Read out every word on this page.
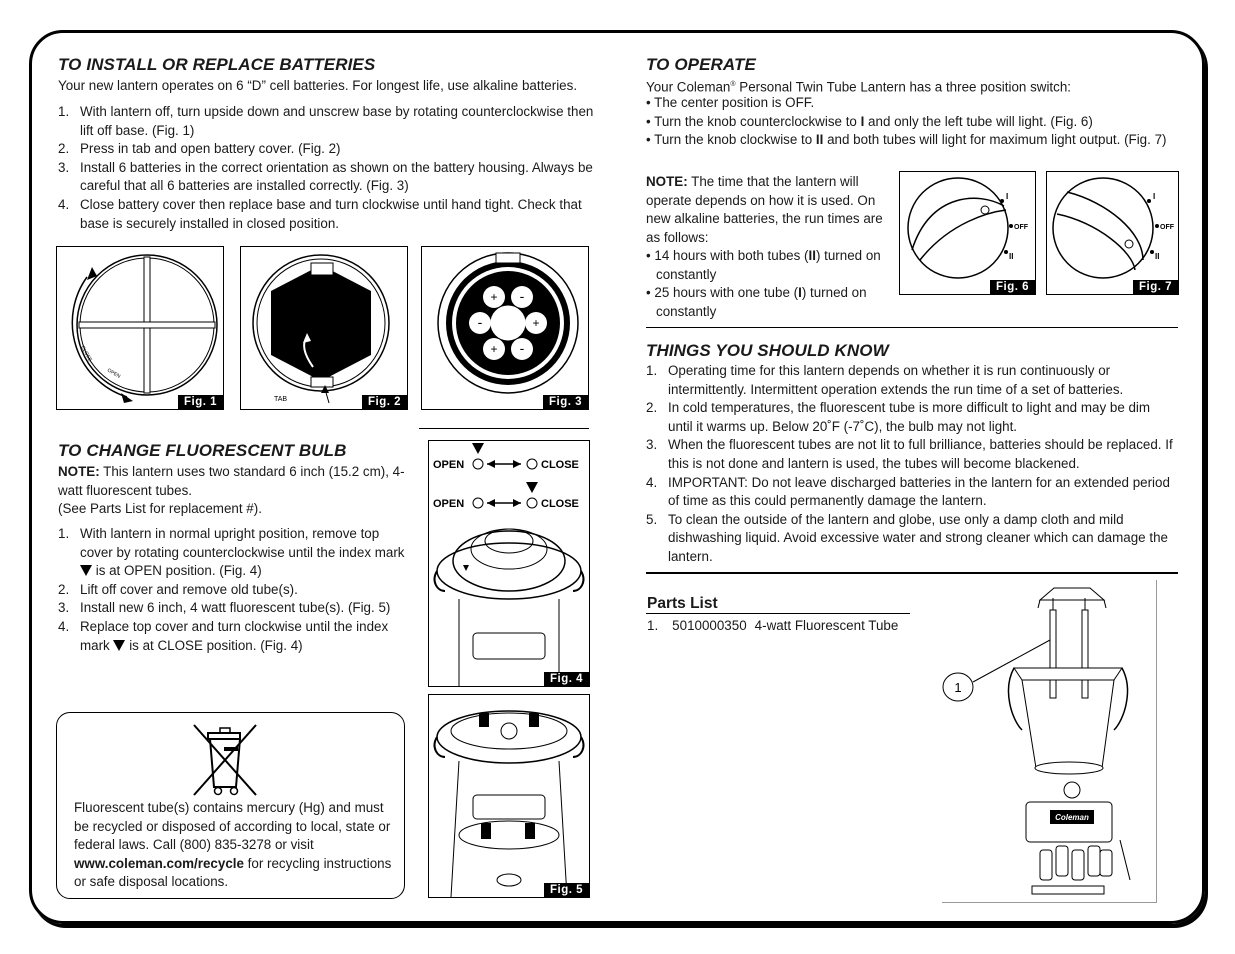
TO INSTALL OR REPLACE BATTERIES
Your new lantern operates on 6 “D” cell batteries. For longest life, use alkaline batteries.
1. With lantern off, turn upside down and unscrew base by rotating counterclockwise then lift off base. (Fig. 1)
2. Press in tab and open battery cover. (Fig. 2)
3. Install 6 batteries in the correct orientation as shown on the battery housing. Always be careful that all 6 batteries are installed correctly. (Fig. 3)
4. Close battery cover then replace base and turn clockwise until hand tight. Check that base is securely installed in closed position.
CLOSE
OPEN
Fig. 1	TAB	Fig. 2
+ -
-	+
+ -
Fig. 3
TO CHANGE FLUORESCENT BULB
NOTE: This lantern uses two standard 6 inch (15.2 cm), 4-watt fluorescent tubes.
(See Parts List for replacement #).
1. With lantern in normal upright position, remove top cover by rotating counterclockwise until the index mark  is at OPEN position. (Fig. 4)
2. Lift off cover and remove old tube(s).
3. Install new 6 inch, 4 watt fluorescent tube(s). (Fig. 5)
4. Replace top cover and turn clockwise until the index mark  is at CLOSE position. (Fig. 4)
OPEN	CLOSE
OPEN	CLOSE
Fig. 4
Fig. 5
Fluorescent tube(s) contains mercury (Hg) and must be recycled or disposed of according to local, state or federal laws. Call (800) 835-3278 or visit www.coleman.com/recycle for recycling instructions or safe disposal locations.
TO OPERATE
Your Coleman® Personal Twin Tube Lantern has a three position switch:
• The center position is OFF.
• Turn the knob counterclockwise to I and only the left tube will light. (Fig. 6)
• Turn the knob clockwise to II and both tubes will light for maximum light output. (Fig. 7)
NOTE: The time that the lantern will operate depends on how it is used. On new alkaline batteries, the run times are as follows:
• 14 hours with both tubes (II) turned on constantly
• 25 hours with one tube (I) turned on constantly
I
OFF
II
Fig. 6
I
OFF
II
Fig. 7
THINGS YOU SHOULD KNOW
1. Operating time for this lantern depends on whether it is run continuously or intermittently. Intermittent operation extends the run time of a set of batteries.
2. In cold temperatures, the fluorescent tube is more difficult to light and may be dim until it warms up. Below 20˚F (-7˚C), the bulb may not light.
3. When the fluorescent tubes are not lit to full brilliance, batteries should be replaced. If this is not done and lantern is used, the tubes will become blackened.
4. IMPORTANT: Do not leave discharged batteries in the lantern for an extended period of time as this could permanently damage the lantern.
5. To clean the outside of the lantern and globe, use only a damp cloth and mild dishwashing liquid. Avoid excessive water and strong cleaner which can damage the lantern.
Parts List
1. 5010000350 4-watt Fluorescent Tube
1
Coleman
